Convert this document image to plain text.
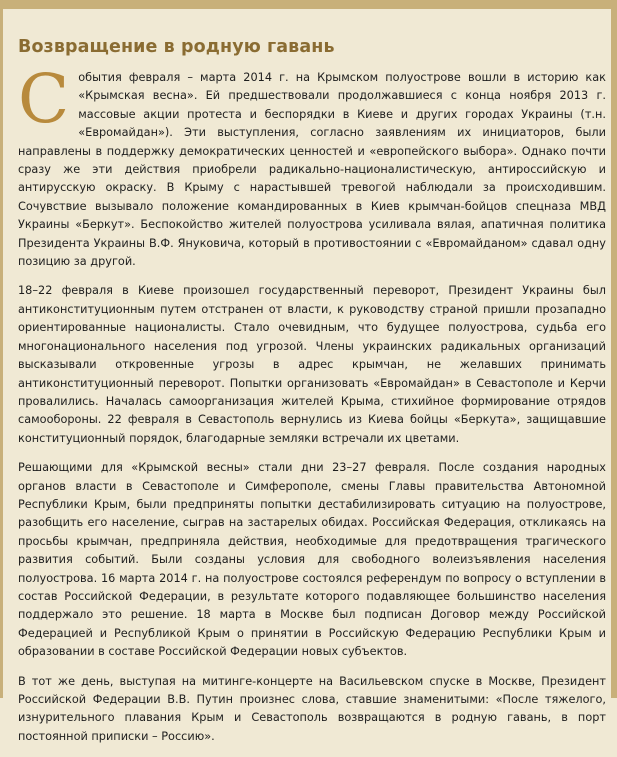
Возвращение в родную гавань

События февраля – марта 2014 г. на Крымском полуострове вошли в историю как «Крымская весна». Ей предшествовали продолжавшиеся с конца ноября 2013 г. массовые акции протеста и беспорядки в Киеве и других городах Украины (т.н. «Евромайдан»). Эти выступления, согласно заявлениям их инициаторов, были направлены в поддержку демократических ценностей и «европейского выбора». Однако почти сразу же эти действия приобрели радикально-националистическую, антироссийскую и антирусскую окраску. В Крыму с нарастывшей тревогой наблюдали за происходившим. Сочувствие вызывало положение командированных в Киев крымчан-бойцов спецназа МВД Украины «Беркут». Беспокойство жителей полуострова усиливала вялая, апатичная политика Президента Украины В.Ф. Януковича, который в противостоянии с «Евромайданом» сдавал одну позицию за другой.

18–22 февраля в Киеве произошел государственный переворот, Президент Украины был антиконституционным путем отстранен от власти, к руководству страной пришли прозападно ориентированные националисты. Стало очевидным, что будущее полуострова, судьба его многонационального населения под угрозой. Члены украинских радикальных организаций высказывали откровенные угрозы в адрес крымчан, не желавших принимать антиконституционный переворот. Попытки организовать «Евромайдан» в Севастополе и Керчи провалились. Началась самоорганизация жителей Крыма, стихийное формирование отрядов самообороны. 22 февраля в Севастополь вернулись из Киева бойцы «Беркута», защищавшие конституционный порядок, благодарные земляки встречали их цветами.

Решающими для «Крымской весны» стали дни 23–27 февраля. После создания народных органов власти в Севастополе и Симферополе, смены Главы правительства Автономной Республики Крым, были предприняты попытки дестабилизировать ситуацию на полуострове, разобщить его население, сыграв на застарелых обидах. Российская Федерация, откликаясь на просьбы крымчан, предприняла действия, необходимые для предотвращения трагического развития событий. Были созданы условия для свободного волеизъявления населения полуострова. 16 марта 2014 г. на полуострове состоялся референдум по вопросу о вступлении в состав Российской Федерации, в результате которого подавляющее большинство населения поддержало это решение. 18 марта в Москве был подписан Договор между Российской Федерацией и Республикой Крым о принятии в Российскую Федерацию Республики Крым и образовании в составе Российской Федерации новых субъектов.

В тот же день, выступая на митинге-концерте на Васильевском спуске в Москве, Президент Российской Федерации В.В. Путин произнес слова, ставшие знаменитыми: «После тяжелого, изнурительного плавания Крым и Севастополь возвращаются в родную гавань, в порт постоянной приписки – Россию».
